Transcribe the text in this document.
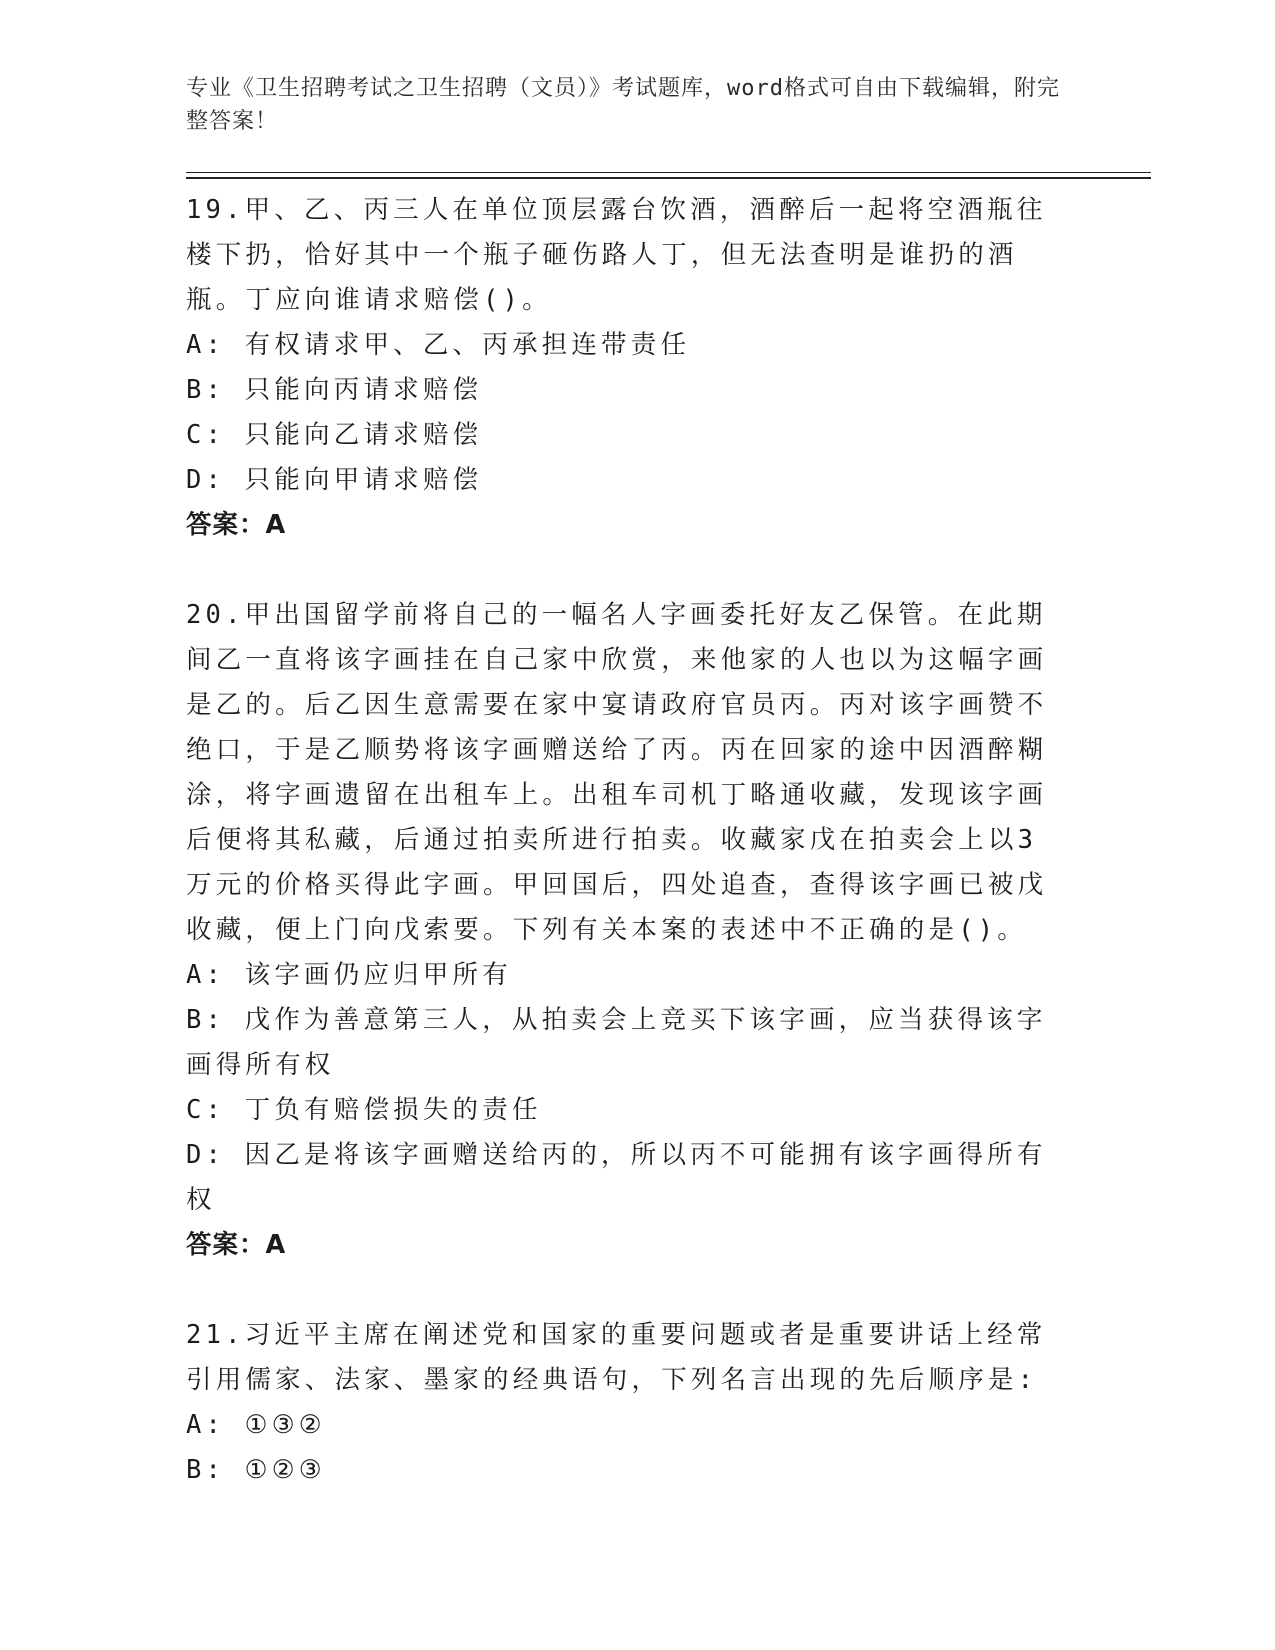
专业《卫生招聘考试之卫生招聘（文员）》考试题库，word格式可自由下载编辑，附完整答案！

19.甲、乙、丙三人在单位顶层露台饮酒，酒醉后一起将空酒瓶往楼下扔，恰好其中一个瓶子砸伤路人丁，但无法查明是谁扔的酒瓶。丁应向谁请求赔偿()。

A: 有权请求甲、乙、丙承担连带责任

B: 只能向丙请求赔偿

C: 只能向乙请求赔偿

D: 只能向甲请求赔偿

答案：A

20.甲出国留学前将自己的一幅名人字画委托好友乙保管。在此期间乙一直将该字画挂在自己家中欣赏，来他家的人也以为这幅字画是乙的。后乙因生意需要在家中宴请政府官员丙。丙对该字画赞不绝口，于是乙顺势将该字画赠送给了丙。丙在回家的途中因酒醉糊涂，将字画遗留在出租车上。出租车司机丁略通收藏，发现该字画后便将其私藏，后通过拍卖所进行拍卖。收藏家戊在拍卖会上以3万元的价格买得此字画。甲回国后，四处追查，查得该字画已被戊收藏，便上门向戊索要。下列有关本案的表述中不正确的是()。

A: 该字画仍应归甲所有

B: 戊作为善意第三人，从拍卖会上竞买下该字画，应当获得该字画得所有权

C: 丁负有赔偿损失的责任

D: 因乙是将该字画赠送给丙的，所以丙不可能拥有该字画得所有权

答案：A

21.习近平主席在阐述党和国家的重要问题或者是重要讲话上经常引用儒家、法家、墨家的经典语句，下列名言出现的先后顺序是:

A: ①③②

B: ①②③
